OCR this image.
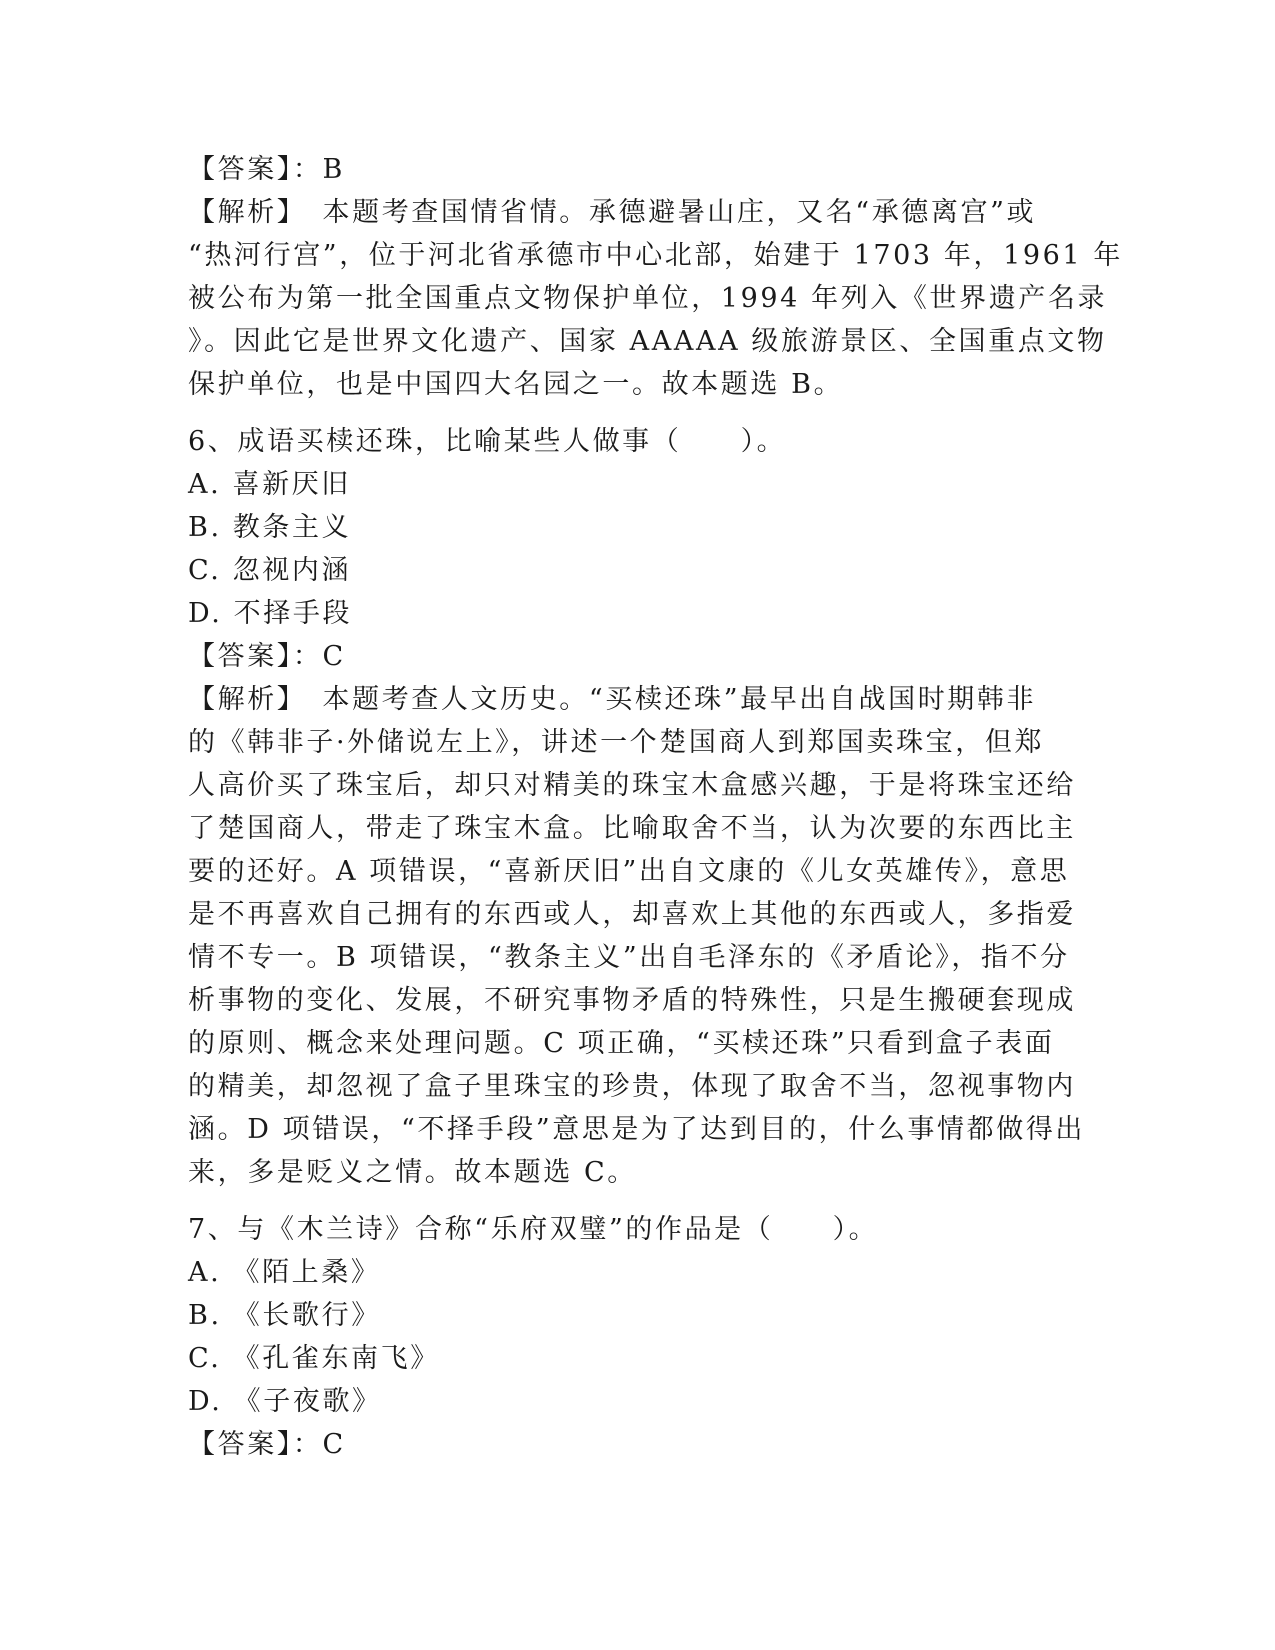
【答案】：B
【解析】　本题考查国情省情。承德避暑山庄，又名“承德离宫”或
“热河行宫”，位于河北省承德市中心北部，始建于 1703 年，1961 年
被公布为第一批全国重点文物保护单位，1994 年列入《世界遗产名录
》。因此它是世界文化遗产、国家 AAAAA 级旅游景区、全国重点文物
保护单位，也是中国四大名园之一。故本题选 B。
6、成语买椟还珠，比喻某些人做事（　　）。
A. 喜新厌旧
B. 教条主义
C. 忽视内涵
D. 不择手段
【答案】：C
【解析】　本题考查人文历史。“买椟还珠”最早出自战国时期韩非
的《韩非子·外储说左上》，讲述一个楚国商人到郑国卖珠宝，但郑
人高价买了珠宝后，却只对精美的珠宝木盒感兴趣，于是将珠宝还给
了楚国商人，带走了珠宝木盒。比喻取舍不当，认为次要的东西比主
要的还好。A 项错误，“喜新厌旧”出自文康的《儿女英雄传》，意思
是不再喜欢自己拥有的东西或人，却喜欢上其他的东西或人，多指爱
情不专一。B 项错误，“教条主义”出自毛泽东的《矛盾论》，指不分
析事物的变化、发展，不研究事物矛盾的特殊性，只是生搬硬套现成
的原则、概念来处理问题。C 项正确，“买椟还珠”只看到盒子表面
的精美，却忽视了盒子里珠宝的珍贵，体现了取舍不当，忽视事物内
涵。D 项错误，“不择手段”意思是为了达到目的，什么事情都做得出
来，多是贬义之情。故本题选 C。
7、与《木兰诗》合称“乐府双璧”的作品是（　　）。
A. 《陌上桑》
B. 《长歌行》
C. 《孔雀东南飞》
D. 《子夜歌》
【答案】：C
